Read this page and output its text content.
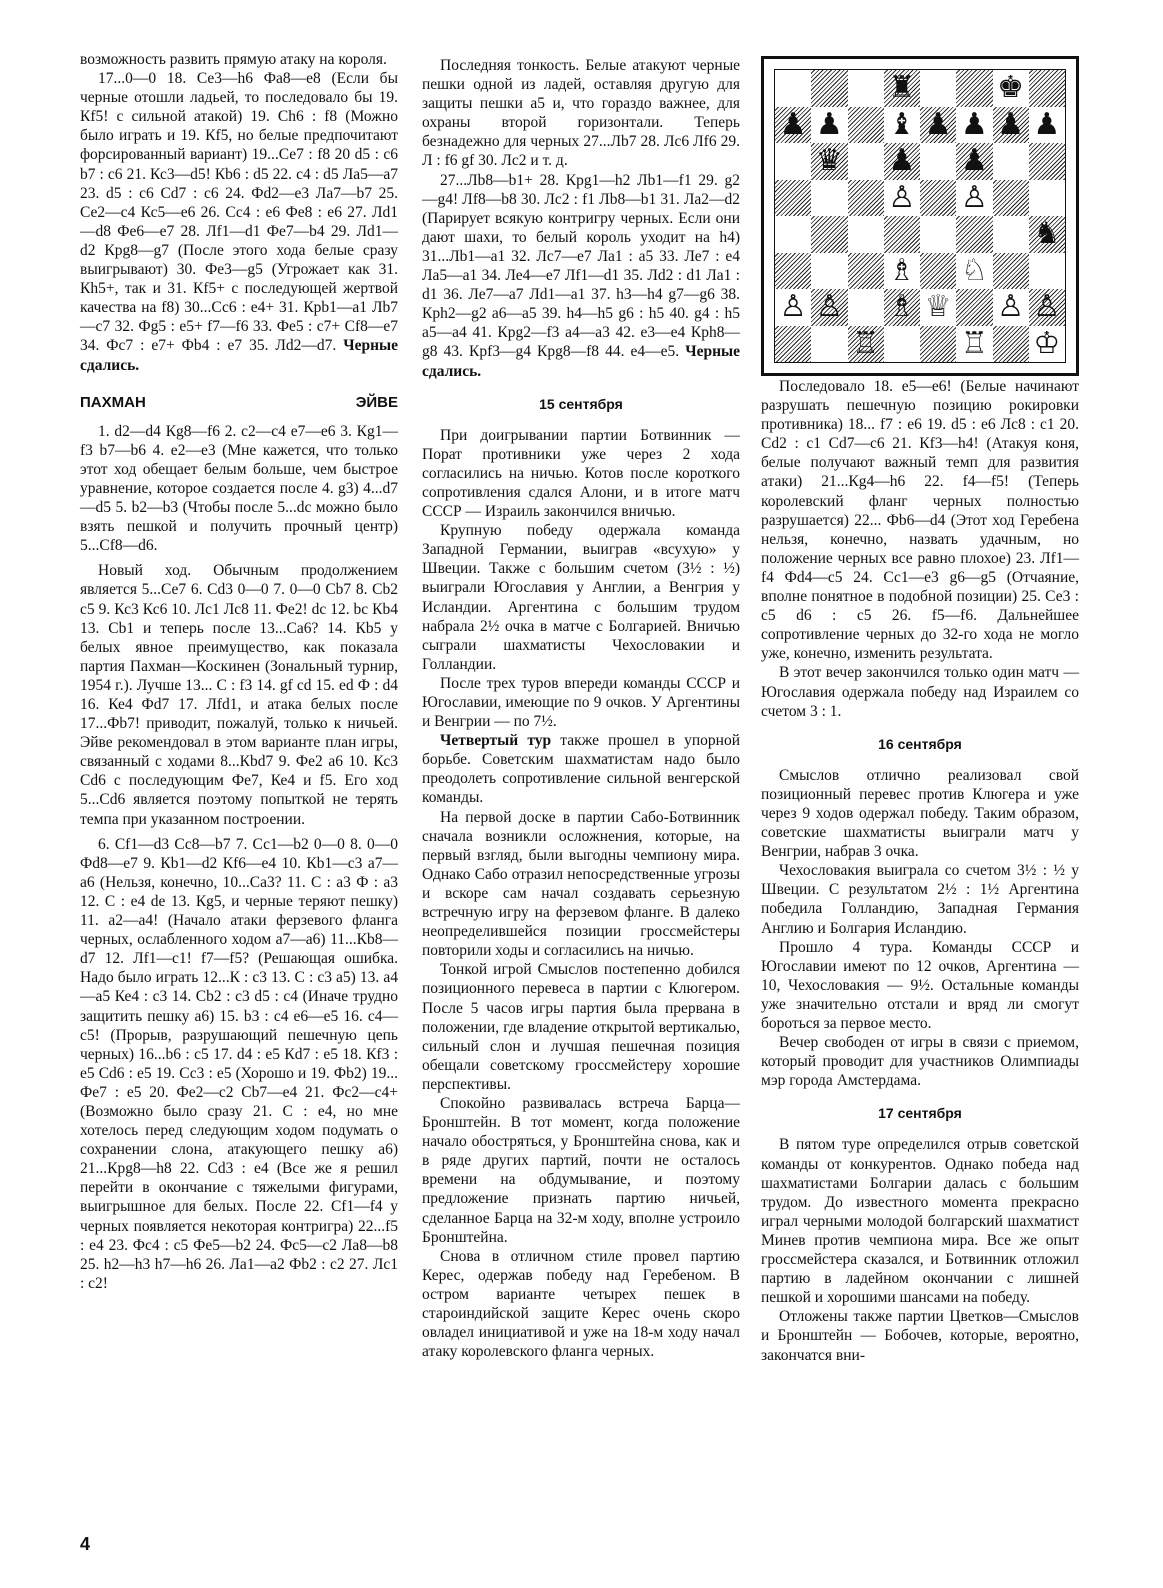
возможность развить прямую атаку на короля.

17...0—0 18. Се3—h6 Фа8—е8 (Если бы черные отошли ладьей, то последовало бы 19. Кf5! с сильной атакой) 19. Сh6 : f8 (Можно было играть и 19. Кf5, но белые предпочитают форсированный вариант) 19...Се7 : f8 20 d5 : с6 b7 : с6 21. Кс3—d5! Кb6 : d5 22. с4 : d5 Ла5—а7 23. d5 : с6 Сd7 : с6 24. Фd2—е3 Ла7—b7 25. Се2—с4 Кс5—е6 26. Сс4 : е6 Фе8 : е6 27. Лd1—d8 Фе6—е7 28. Лf1—d1 Фе7—b4 29. Лd1—d2 Крg8—g7 (После этого хода белые сразу выигрывают) 30. Фе3—g5 (Угрожает как 31. Кh5+, так и 31. Кf5+ с последующей жертвой качества на f8) 30...Сс6 : е4+ 31. Крb1—а1 Лb7—с7 32. Фg5 : е5+ f7—f6 33. Фе5 : с7+ Сf8—е7 34. Фс7 : е7+ Фb4 : е7 35. Лd2—d7. Черные сдались.

ПАХМАН	ЭЙВЕ

1. d2—d4 Кg8—f6 2. с2—с4 е7—е6 3. Кg1—f3 b7—b6 4. е2—е3 (Мне кажется, что только этот ход обещает белым больше, чем быстрое уравнение, которое создается после 4. g3) 4...d7—d5 5. b2—b3 (Чтобы после 5...dc можно было взять пешкой и получить прочный центр) 5...Сf8—d6.

Новый ход. Обычным продолжением является 5...Се7 6. Сd3 0—0 7. 0—0 Сb7 8. Сb2 с5 9. Кс3 Кс6 10. Лс1 Лс8 11. Фе2! dс 12. bс Кb4 13. Сb1 и теперь после 13...Са6? 14. Кb5 у белых явное преимущество, как показала партия Пахман—Коскинен (Зональный турнир, 1954 г.). Лучше 13... С : f3 14. gf cd 15. еd Ф : d4 16. Ке4 Фd7 17. Лfd1, и атака белых после 17...Фb7! приводит, пожалуй, только к ничьей. Эйве рекомендовал в этом варианте план игры, связанный с ходами 8...Кbd7 9. Фе2 а6 10. Кс3 Сd6 с последующим Фе7, Ке4 и f5. Его ход 5...Сd6 является поэтому попыткой не терять темпа при указанном построении.

6. Сf1—d3 Сс8—b7 7. Сс1—b2 0—0 8. 0—0 Фd8—е7 9. Кb1—d2 Кf6—е4 10. Кb1—с3 а7—а6 (Нельзя, конечно, 10...Са3? 11. С : а3 Ф : а3 12. С : е4 dе 13. Кg5, и черные теряют пешку) 11. а2—а4! (Начало атаки ферзевого фланга черных, ослабленного ходом а7—а6) 11...Кb8—d7 12. Лf1—с1! f7—f5? (Решающая ошибка. Надо было играть 12...К : с3 13. С : с3 а5) 13. а4—а5 Ке4 : с3 14. Сb2 : с3 d5 : с4 (Иначе трудно защитить пешку а6) 15. b3 : с4 е6—е5 16. с4—с5! (Прорыв, разрушающий пешечную цепь черных) 16...b6 : с5 17. d4 : е5 Кd7 : е5 18. Кf3 : е5 Сd6 : е5 19. Сс3 : е5 (Хорошо и 19. Фb2) 19... Фе7 : е5 20. Фе2—с2 Сb7—е4 21. Фс2—с4+ (Возможно было сразу 21. С : е4, но мне хотелось перед следующим ходом подумать о сохранении слона, атакующего пешку а6) 21...Крg8—h8 22. Сd3 : е4 (Все же я решил перейти в окончание с тяжелыми фигурами, выигрышное для белых. После 22. Сf1—f4 у черных появляется некоторая контригра) 22...f5 : е4 23. Фс4 : с5 Фе5—b2 24. Фс5—с2 Ла8—b8 25. h2—h3 h7—h6 26. Ла1—а2 Фb2 : с2 27. Лс1 : с2!

Последняя тонкость. Белые атакуют черные пешки одной из ладей, оставляя другую для защиты пешки а5 и, что гораздо важнее, для охраны второй горизонтали. Теперь безнадежно для черных 27...Лb7 28. Лс6 Лf6 29. Л : f6 gf 30. Лс2 и т. д.

27...Лb8—b1+ 28. Крg1—h2 Лb1—f1 29. g2—g4! Лf8—b8 30. Лс2 : f1 Лb8—b1 31. Ла2—d2 (Парирует всякую контригру черных. Если они дают шахи, то белый король уходит на h4) 31...Лb1—а1 32. Лс7—е7 Ла1 : а5 33. Ле7 : е4 Ла5—а1 34. Ле4—е7 Лf1—d1 35. Лd2 : d1 Ла1 : d1 36. Ле7—а7 Лd1—а1 37. h3—h4 g7—g6 38. Крh2—g2 а6—а5 39. h4—h5 g6 : h5 40. g4 : h5 а5—а4 41. Крg2—f3 а4—а3 42. е3—е4 Крh8—g8 43. Крf3—g4 Крg8—f8 44. е4—е5. Черные сдались.

15 сентября

При доигрывании партии Ботвинник — Порат противники уже через 2 хода согласились на ничью. Котов после короткого сопротивления сдался Алони, и в итоге матч СССР — Израиль закончился вничью.

Крупную победу одержала команда Западной Германии, выиграв «всухую» у Швеции. Также с большим счетом (3½ : ½) выиграли Югославия у Англии, а Венгрия у Исландии. Аргентина с большим трудом набрала 2½ очка в матче с Болгарией. Вничью сыграли шахматисты Чехословакии и Голландии.

После трех туров впереди команды СССР и Югославии, имеющие по 9 очков. У Аргентины и Венгрии — по 7½.

Четвертый тур также прошел в упорной борьбе. Советским шахматистам надо было преодолеть сопротивление сильной венгерской команды.

На первой доске в партии Сабо-Ботвинник сначала возникли осложнения, которые, на первый взгляд, были выгодны чемпиону мира. Однако Сабо отразил непосредственные угрозы и вскоре сам начал создавать серьезную встречную игру на ферзевом фланге. В далеко неопределившейся позиции гроссмейстеры повторили ходы и согласились на ничью.

Тонкой игрой Смыслов постепенно добился позиционного перевеса в партии с Клюгером. После 5 часов игры партия была прервана в положении, где владение открытой вертикалью, сильный слон и лучшая пешечная позиция обещали советскому гроссмейстеру хорошие перспективы.

Спокойно развивалась встреча Барца—Бронштейн. В тот момент, когда положение начало обостряться, у Бронштейна снова, как и в ряде других партий, почти не осталось времени на обдумывание, и поэтому предложение признать партию ничьей, сделанное Барца на 32-м ходу, вполне устроило Бронштейна.

Снова в отличном стиле провел партию Керес, одержав победу над Геребеном. В остром варианте четырех пешек в староиндийской защите Керес очень скоро овладел инициативой и уже на 18-м ходу начал атаку королевского фланга черных.

♜	♚
♟ ♟ ♝ ♟ ♟ ♟ ♟
♛ ♟ ♟
♙ ♙
♞
♗ ♘
♙ ♙ ♗ ♕ ♙ ♙
♖	♖ ♔

Последовало 18. е5—е6! (Белые начинают разрушать пешечную позицию рокировки противника) 18... f7 : е6 19. d5 : е6 Лс8 : с1 20. Сd2 : с1 Сd7—с6 21. Кf3—h4! (Атакуя коня, белые получают важный темп для развития атаки) 21...Кg4—h6 22. f4—f5! (Теперь королевский фланг черных полностью разрушается) 22... Фb6—d4 (Этот ход Геребена нельзя, конечно, назвать удачным, но положение черных все равно плохое) 23. Лf1—f4 Фd4—с5 24. Сс1—е3 g6—g5 (Отчаяние, вполне понятное в подобной позиции) 25. Се3 : с5 d6 : с5 26. f5—f6. Дальнейшее сопротивление черных до 32-го хода не могло уже, конечно, изменить результата.

В этот вечер закончился только один матч — Югославия одержала победу над Израилем со счетом 3 : 1.

16 сентября

Смыслов отлично реализовал свой позиционный перевес против Клюгера и уже через 9 ходов одержал победу. Таким образом, советские шахматисты выиграли матч у Венгрии, набрав 3 очка.

Чехословакия выиграла со счетом 3½ : ½ у Швеции. С результатом 2½ : 1½ Аргентина победила Голландию, Западная Германия Англию и Болгария Исландию.

Прошло 4 тура. Команды СССР и Югославии имеют по 12 очков, Аргентина — 10, Чехословакия — 9½. Остальные команды уже значительно отстали и вряд ли смогут бороться за первое место.

Вечер свободен от игры в связи с приемом, который проводит для участников Олимпиады мэр города Амстердама.

17 сентября

В пятом туре определился отрыв советской команды от конкурентов. Однако победа над шахматистами Болгарии далась с большим трудом. До известного момента прекрасно играл черными молодой болгарский шахматист Минев против чемпиона мира. Все же опыт гроссмейстера сказался, и Ботвинник отложил партию в ладейном окончании с лишней пешкой и хорошими шансами на победу.

Отложены также партии Цветков—Смыслов и Бронштейн — Бобочев, которые, вероятно, закончатся вни-

4
